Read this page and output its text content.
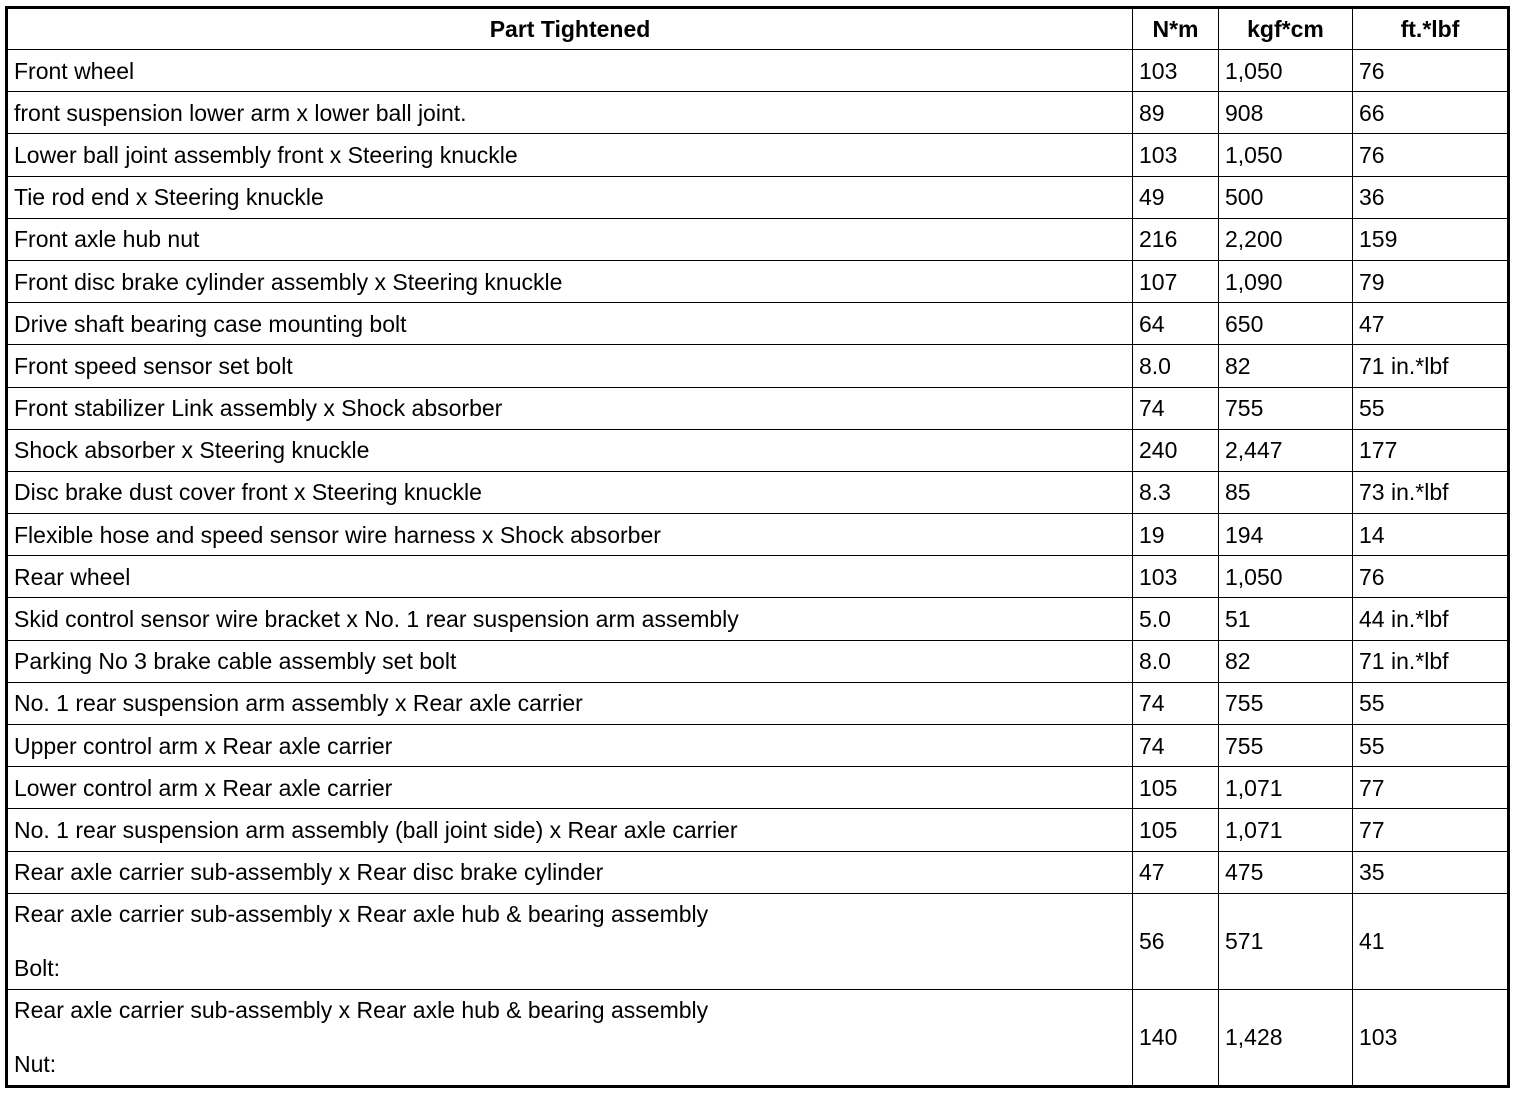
Part Tightened	N*m	kgf*cm	ft.*lbf
Front wheel	103	1,050	76
front suspension lower arm x lower ball joint.	89	908	66
Lower ball joint assembly front x Steering knuckle	103	1,050	76
Tie rod end x Steering knuckle	49	500	36
Front axle hub nut	216	2,200	159
Front disc brake cylinder assembly x Steering knuckle	107	1,090	79
Drive shaft bearing case mounting bolt	64	650	47
Front speed sensor set bolt	8.0	82	71 in.*lbf
Front stabilizer Link assembly x Shock absorber	74	755	55
Shock absorber x Steering knuckle	240	2,447	177
Disc brake dust cover front x Steering knuckle	8.3	85	73 in.*lbf
Flexible hose and speed sensor wire harness x Shock absorber	19	194	14
Rear wheel	103	1,050	76
Skid control sensor wire bracket x No. 1 rear suspension arm assembly	5.0	51	44 in.*lbf
Parking No 3 brake cable assembly set bolt	8.0	82	71 in.*lbf
No. 1 rear suspension arm assembly x Rear axle carrier	74	755	55
Upper control arm x Rear axle carrier	74	755	55
Lower control arm x Rear axle carrier	105	1,071	77
No. 1 rear suspension arm assembly (ball joint side) x Rear axle carrier	105	1,071	77
Rear axle carrier sub-assembly x Rear disc brake cylinder	47	475	35

Rear axle carrier sub-assembly x Rear axle hub & bearing assembly
Bolt:	56	571	41

Rear axle carrier sub-assembly x Rear axle hub & bearing assembly
Nut:	140	1,428	103
